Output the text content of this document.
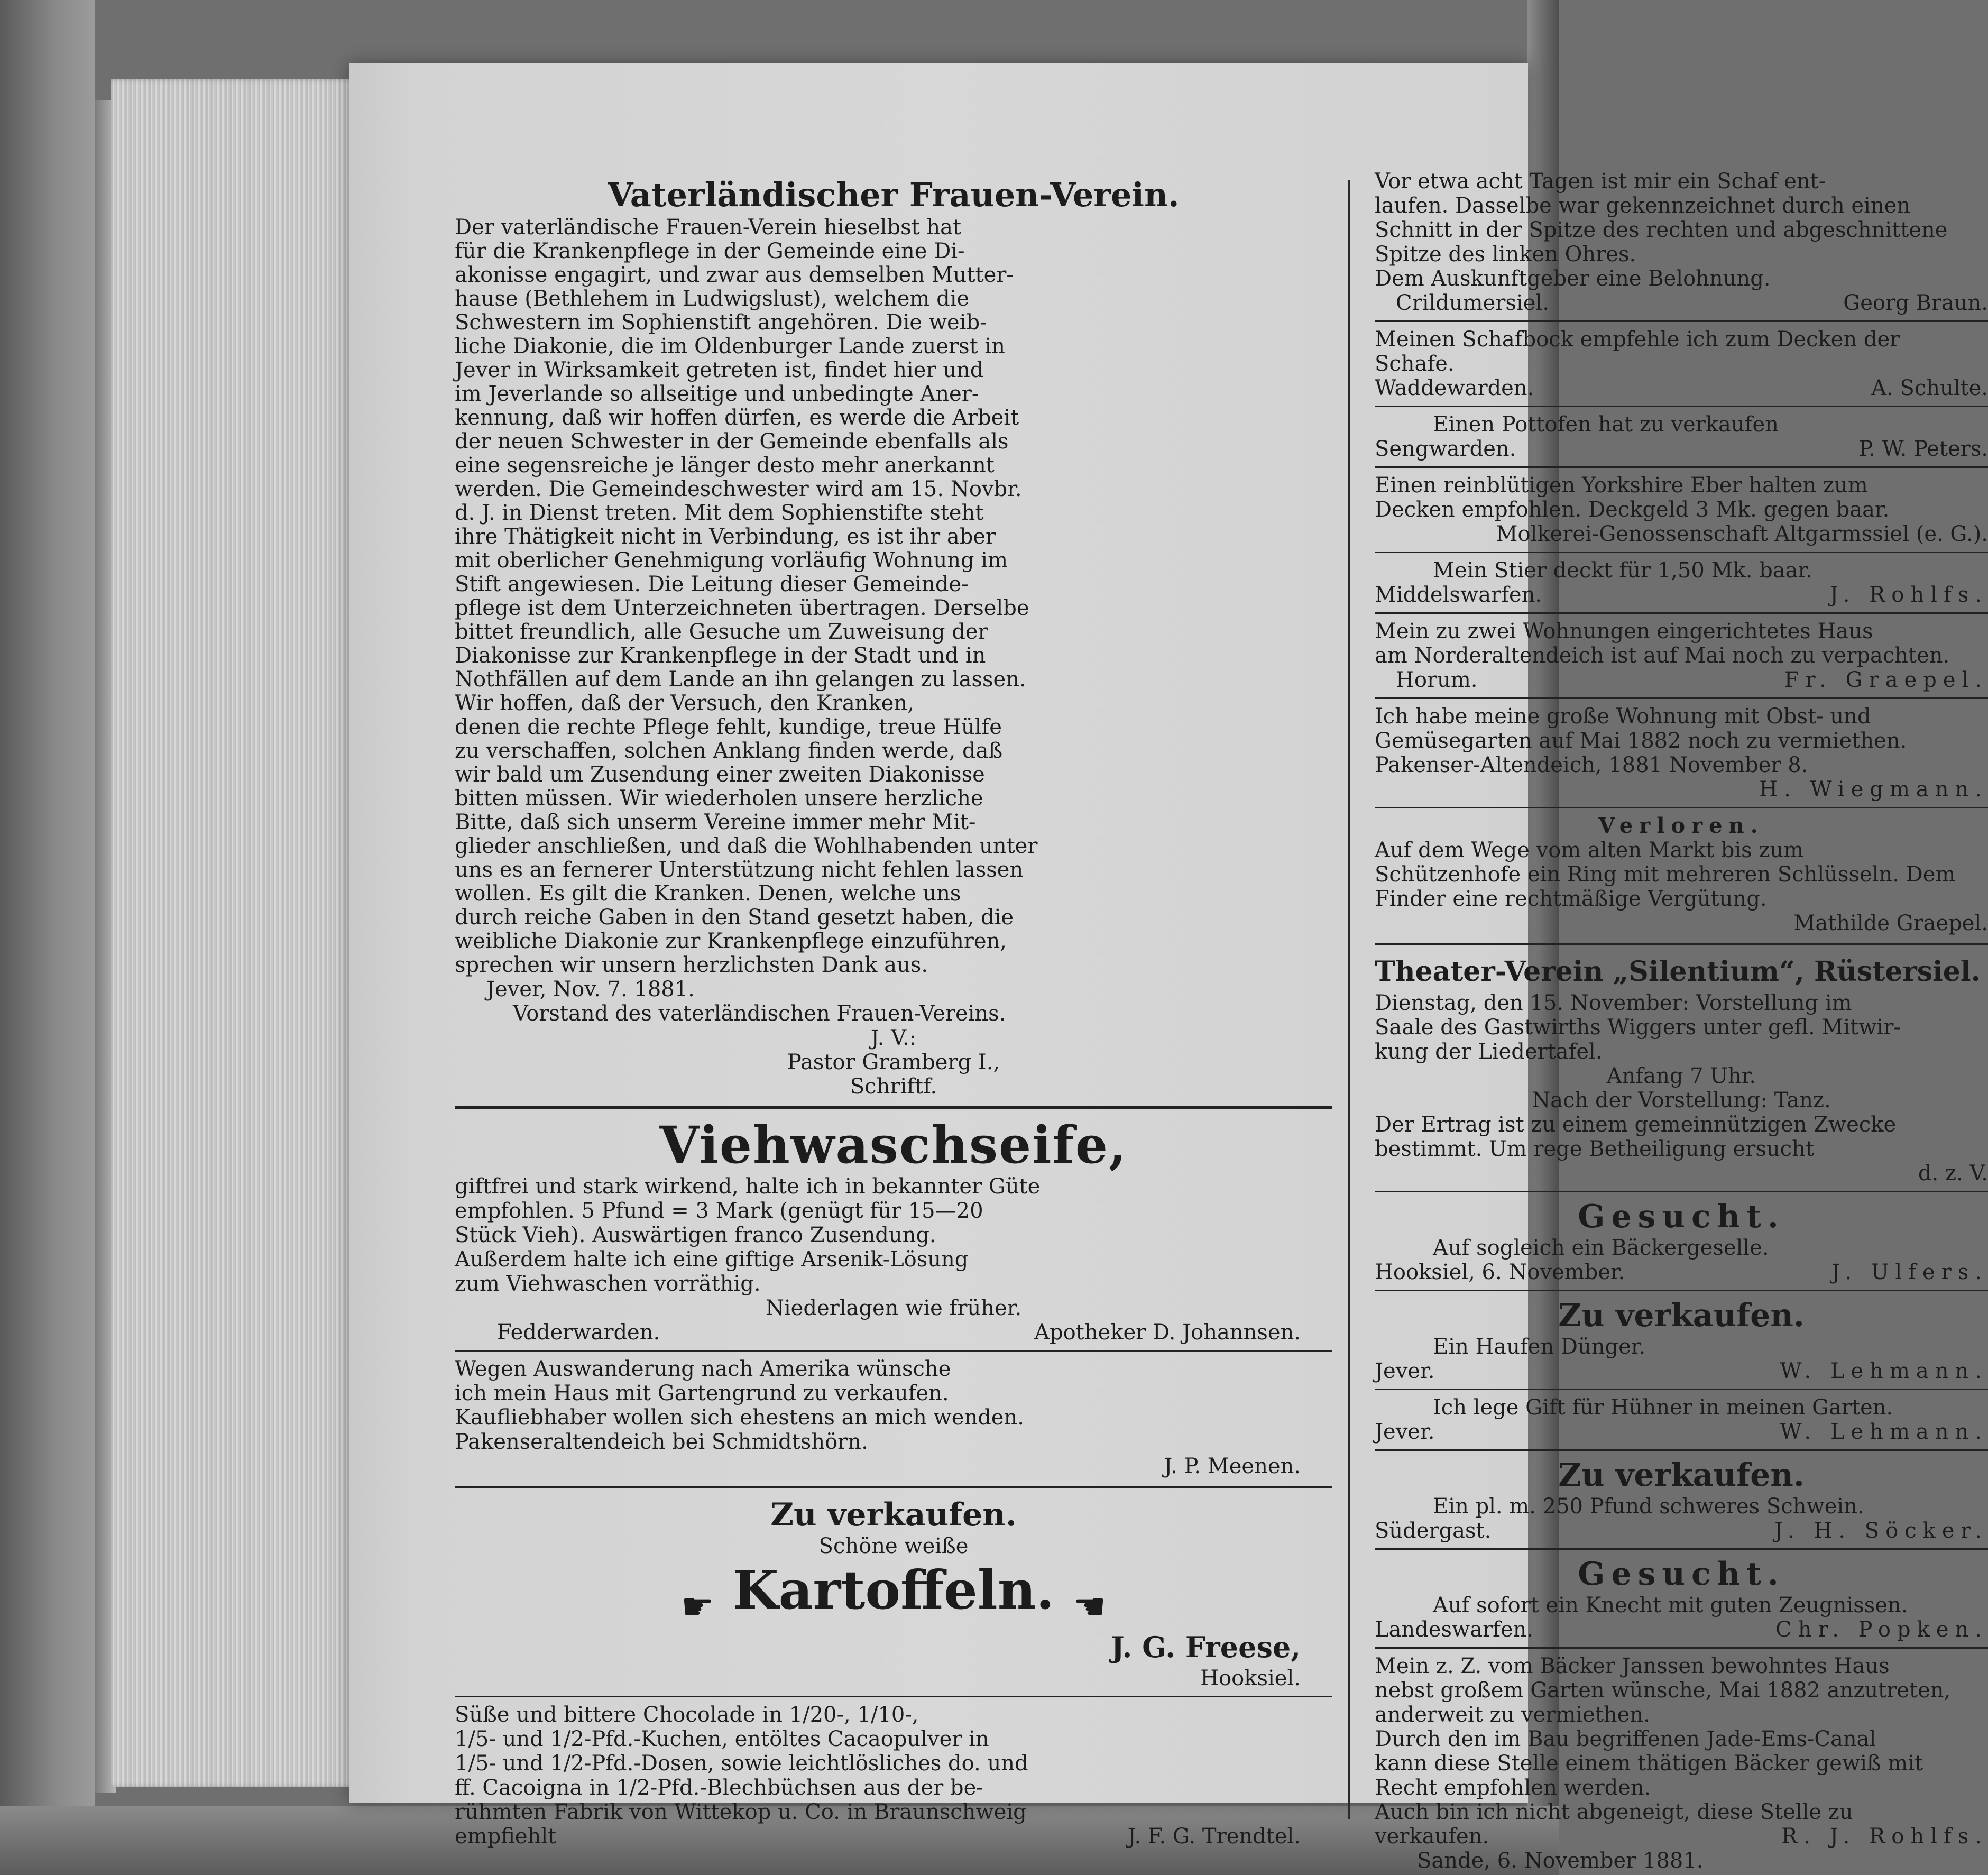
Vaterländischer Frauen-Verein.
Der vaterländische Frauen-Verein hieselbst hat
für die Krankenpflege in der Gemeinde eine Di-
akonisse engagirt, und zwar aus demselben Mutter-
hause (Bethlehem in Ludwigslust), welchem die
Schwestern im Sophienstift angehören. Die weib-
liche Diakonie, die im Oldenburger Lande zuerst in
Jever in Wirksamkeit getreten ist, findet hier und
im Jeverlande so allseitige und unbedingte Aner-
kennung, daß wir hoffen dürfen, es werde die Arbeit
der neuen Schwester in der Gemeinde ebenfalls als
eine segensreiche je länger desto mehr anerkannt
werden. Die Gemeindeschwester wird am 15. Novbr.
d. J. in Dienst treten. Mit dem Sophienstifte steht
ihre Thätigkeit nicht in Verbindung, es ist ihr aber
mit oberlicher Genehmigung vorläufig Wohnung im
Stift angewiesen. Die Leitung dieser Gemeinde-
pflege ist dem Unterzeichneten übertragen. Derselbe
bittet freundlich, alle Gesuche um Zuweisung der
Diakonisse zur Krankenpflege in der Stadt und in
Nothfällen auf dem Lande an ihn gelangen zu lassen.
Wir hoffen, daß der Versuch, den Kranken,
denen die rechte Pflege fehlt, kundige, treue Hülfe
zu verschaffen, solchen Anklang finden werde, daß
wir bald um Zusendung einer zweiten Diakonisse
bitten müssen. Wir wiederholen unsere herzliche
Bitte, daß sich unserm Vereine immer mehr Mit-
glieder anschließen, und daß die Wohlhabenden unter
uns es an fernerer Unterstützung nicht fehlen lassen
wollen. Es gilt die Kranken. Denen, welche uns
durch reiche Gaben in den Stand gesetzt haben, die
weibliche Diakonie zur Krankenpflege einzuführen,
sprechen wir unsern herzlichsten Dank aus.
Jever, Nov. 7. 1881.
Vorstand des vaterländischen Frauen-Vereins.
J. V.:
Pastor Gramberg I.,
Schriftf.
Viehwaschseife,
giftfrei und stark wirkend, halte ich in bekannter Güte
empfohlen. 5 Pfund = 3 Mark (genügt für 15—20
Stück Vieh). Auswärtigen franco Zusendung.
Außerdem halte ich eine giftige Arsenik-Lösung
zum Viehwaschen vorräthig.
Niederlagen wie früher.
Fedderwarden.	Apotheker D. Johannsen.
Wegen Auswanderung nach Amerika wünsche
ich mein Haus mit Gartengrund zu verkaufen.
Kaufliebhaber wollen sich ehestens an mich wenden.
Pakenseraltendeich bei Schmidtshörn.
J. P. Meenen.
Zu verkaufen.
Schöne weiße
☛ Kartoffeln. ☚
J. G. Freese,
Hooksiel.
Süße und bittere Chocolade in 1/20-, 1/10-,
1/5- und 1/2-Pfd.-Kuchen, entöltes Cacaopulver in
1/5- und 1/2-Pfd.-Dosen, sowie leichtlösliches do. und
ff. Cacoigna in 1/2-Pfd.-Blechbüchsen aus der be-
rühmten Fabrik von Wittekop u. Co. in Braunschweig
empfiehlt	J. F. G. Trendtel.
Vor etwa acht Tagen ist mir ein Schaf ent-
laufen. Dasselbe war gekennzeichnet durch einen
Schnitt in der Spitze des rechten und abgeschnittene
Spitze des linken Ohres.
Dem Auskunftgeber eine Belohnung.
Crildumersiel.	Georg Braun.
Meinen Schafbock empfehle ich zum Decken der
Schafe.
Waddewarden.	A. Schulte.
Einen Pottofen hat zu verkaufen
Sengwarden.	P. W. Peters.
Einen reinblütigen Yorkshire Eber halten zum
Decken empfohlen. Deckgeld 3 Mk. gegen baar.
Molkerei-Genossenschaft Altgarmssiel (e. G.).
Mein Stier deckt für 1,50 Mk. baar.
Middelswarfen.	J. Rohlfs.
Mein zu zwei Wohnungen eingerichtetes Haus
am Norderaltendeich ist auf Mai noch zu verpachten.
Horum.	Fr. Graepel.
Ich habe meine große Wohnung mit Obst- und
Gemüsegarten auf Mai 1882 noch zu vermiethen.
Pakenser-Altendeich, 1881 November 8.
H. Wiegmann.
Verloren.
Auf dem Wege vom alten Markt bis zum
Schützenhofe ein Ring mit mehreren Schlüsseln. Dem
Finder eine rechtmäßige Vergütung.
Mathilde Graepel.
Theater-Verein „Silentium“, Rüstersiel.
Dienstag, den 15. November: Vorstellung im
Saale des Gastwirths Wiggers unter gefl. Mitwir-
kung der Liedertafel.
Anfang 7 Uhr.
Nach der Vorstellung: Tanz.
Der Ertrag ist zu einem gemeinnützigen Zwecke
bestimmt. Um rege Betheiligung ersucht
d. z. V.
Gesucht.
Auf sogleich ein Bäckergeselle.
Hooksiel, 6. November.	J. Ulfers.
Zu verkaufen.
Ein Haufen Dünger.
Jever.	W. Lehmann.
Ich lege Gift für Hühner in meinen Garten.
Jever.	W. Lehmann.
Zu verkaufen.
Ein pl. m. 250 Pfund schweres Schwein.
Südergast.	J. H. Söcker.
Gesucht.
Auf sofort ein Knecht mit guten Zeugnissen.
Landeswarfen.	Chr. Popken.
Mein z. Z. vom Bäcker Janssen bewohntes Haus
nebst großem Garten wünsche, Mai 1882 anzutreten,
anderweit zu vermiethen.
Durch den im Bau begriffenen Jade-Ems-Canal
kann diese Stelle einem thätigen Bäcker gewiß mit
Recht empfohlen werden.
Auch bin ich nicht abgeneigt, diese Stelle zu
verkaufen.	R. J. Rohlfs.
Sande, 6. November 1881.
